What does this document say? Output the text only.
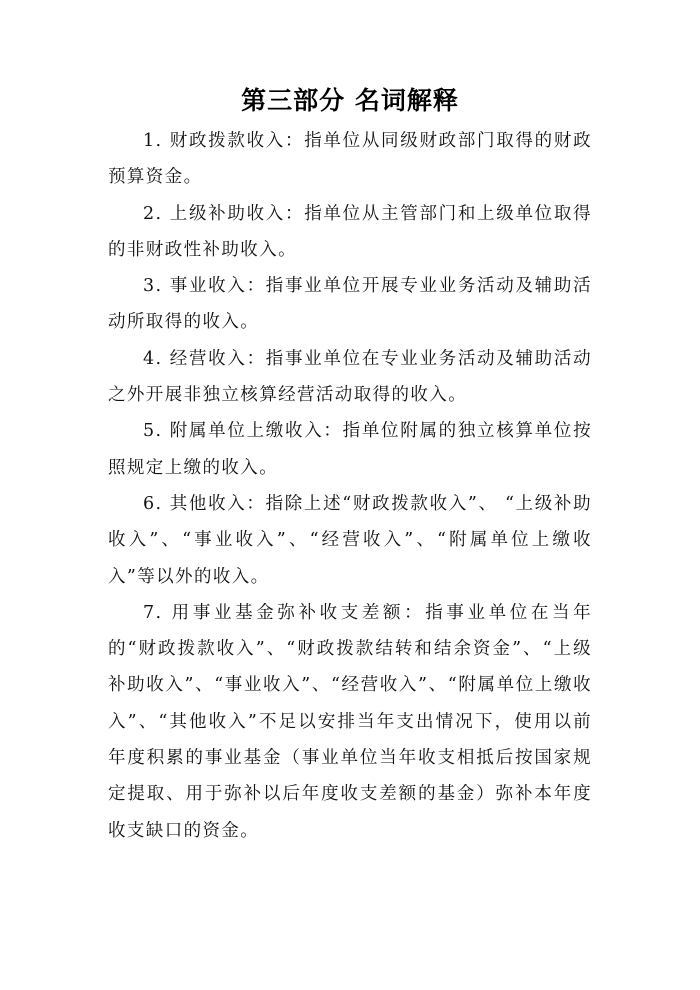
第三部分 名词解释

1. 财政拨款收入：指单位从同级财政部门取得的财政预算资金。

2. 上级补助收入：指单位从主管部门和上级单位取得的非财政性补助收入。

3. 事业收入：指事业单位开展专业业务活动及辅助活动所取得的收入。

4. 经营收入：指事业单位在专业业务活动及辅助活动之外开展非独立核算经营活动取得的收入。

5. 附属单位上缴收入：指单位附属的独立核算单位按照规定上缴的收入。

6. 其他收入：指除上述“财政拨款收入”、 “上级补助收入”、“事业收入”、“经营收入”、“附属单位上缴收入”等以外的收入。

7. 用事业基金弥补收支差额：指事业单位在当年的“财政拨款收入”、“财政拨款结转和结余资金”、“上级补助收入”、“事业收入”、“经营收入”、“附属单位上缴收入”、“其他收入”不足以安排当年支出情况下，使用以前年度积累的事业基金（事业单位当年收支相抵后按国家规定提取、用于弥补以后年度收支差额的基金）弥补本年度收支缺口的资金。
